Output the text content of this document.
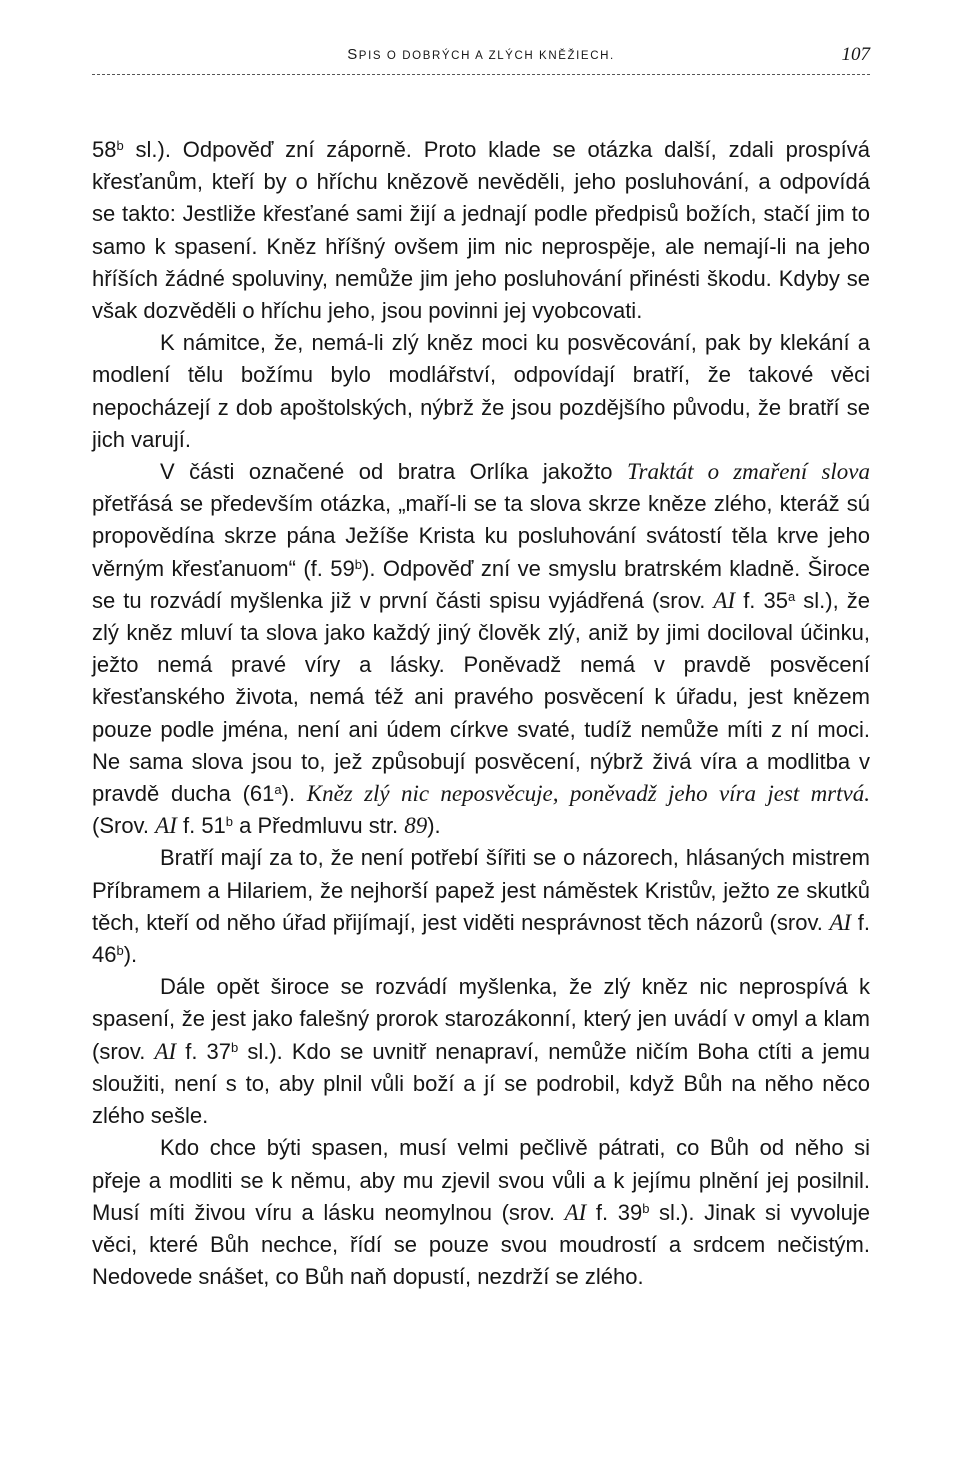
SPIS O DOBRÝCH A ZLÝCH KNĚŽIECH.	107

58$^b$ sl.). Odpověď zní záporně. Proto klade se otázka další, zdali prospívá křesťanům, kteří by o hříchu knězově nevěděli, jeho posluhování, a odpovídá se takto: Jestliže křesťané sami žijí a jednají podle předpisů božích, stačí jim to samo k spasení. Kněz hříšný ovšem jim nic neprospěje, ale nemají-li na jeho hříších žádné spoluviny, nemůže jim jeho posluhování přinésti škodu. Kdyby se však dozvěděli o hříchu jeho, jsou povinni jej vyobcovati.

K námitce, že, nemá-li zlý kněz moci ku posvěcování, pak by klekání a modlení tělu božímu bylo modlářství, odpovídají bratří, že takové věci nepocházejí z dob apoštolských, nýbrž že jsou pozdějšího původu, že bratří se jich varují.

V části označené od bratra Orlíka jakožto Traktát o zmaření slova přetřásá se především otázka, „maří-li se ta slova skrze kněze zlého, kteráž sú propovědína skrze pána Ježíše Krista ku posluhování svátostí těla krve jeho věrným křesťanuom“ (f. 59$^b$). Odpověď zní ve smyslu bratrském kladně. Široce se tu rozvádí myšlenka již v první části spisu vyjádřená (srov. AI f. 35$^a$ sl.), že zlý kněz mluví ta slova jako každý jiný člověk zlý, aniž by jimi dociloval účinku, ježto nemá pravé víry a lásky. Poněvadž nemá v pravdě posvěcení křesťanského života, nemá též ani pravého posvěcení k úřadu, jest knězem pouze podle jména, není ani údem církve svaté, tudíž nemůže míti z ní moci. Ne sama slova jsou to, jež způsobují posvěcení, nýbrž živá víra a modlitba v pravdě ducha (61$^a$). Kněz zlý nic neposvěcuje, poněvadž jeho víra jest mrtvá. (Srov. AI f. 51$^b$ a Předmluvu str. 89).

Bratří mají za to, že není potřebí šířiti se o názorech, hlásaných mistrem Příbramem a Hilariem, že nejhorší papež jest náměstek Kristův, ježto ze skutků těch, kteří od něho úřad přijímají, jest viděti nesprávnost těch názorů (srov. AI f. 46$^b$).

Dále opět široce se rozvádí myšlenka, že zlý kněz nic neprospívá k spasení, že jest jako falešný prorok starozákonní, který jen uvádí v omyl a klam (srov. AI f. 37$^b$ sl.). Kdo se uvnitř nenapraví, nemůže ničím Boha ctíti a jemu sloužiti, není s to, aby plnil vůli boží a jí se podrobil, když Bůh na něho něco zlého sešle.

Kdo chce býti spasen, musí velmi pečlivě pátrati, co Bůh od něho si přeje a modliti se k němu, aby mu zjevil svou vůli a k jejímu plnění jej posilnil. Musí míti živou víru a lásku neomylnou (srov. AI f. 39$^b$ sl.). Jinak si vyvoluje věci, které Bůh nechce, řídí se pouze svou moudrostí a srdcem nečistým. Nedovede snášet, co Bůh naň dopustí, nezdrží se zlého.
